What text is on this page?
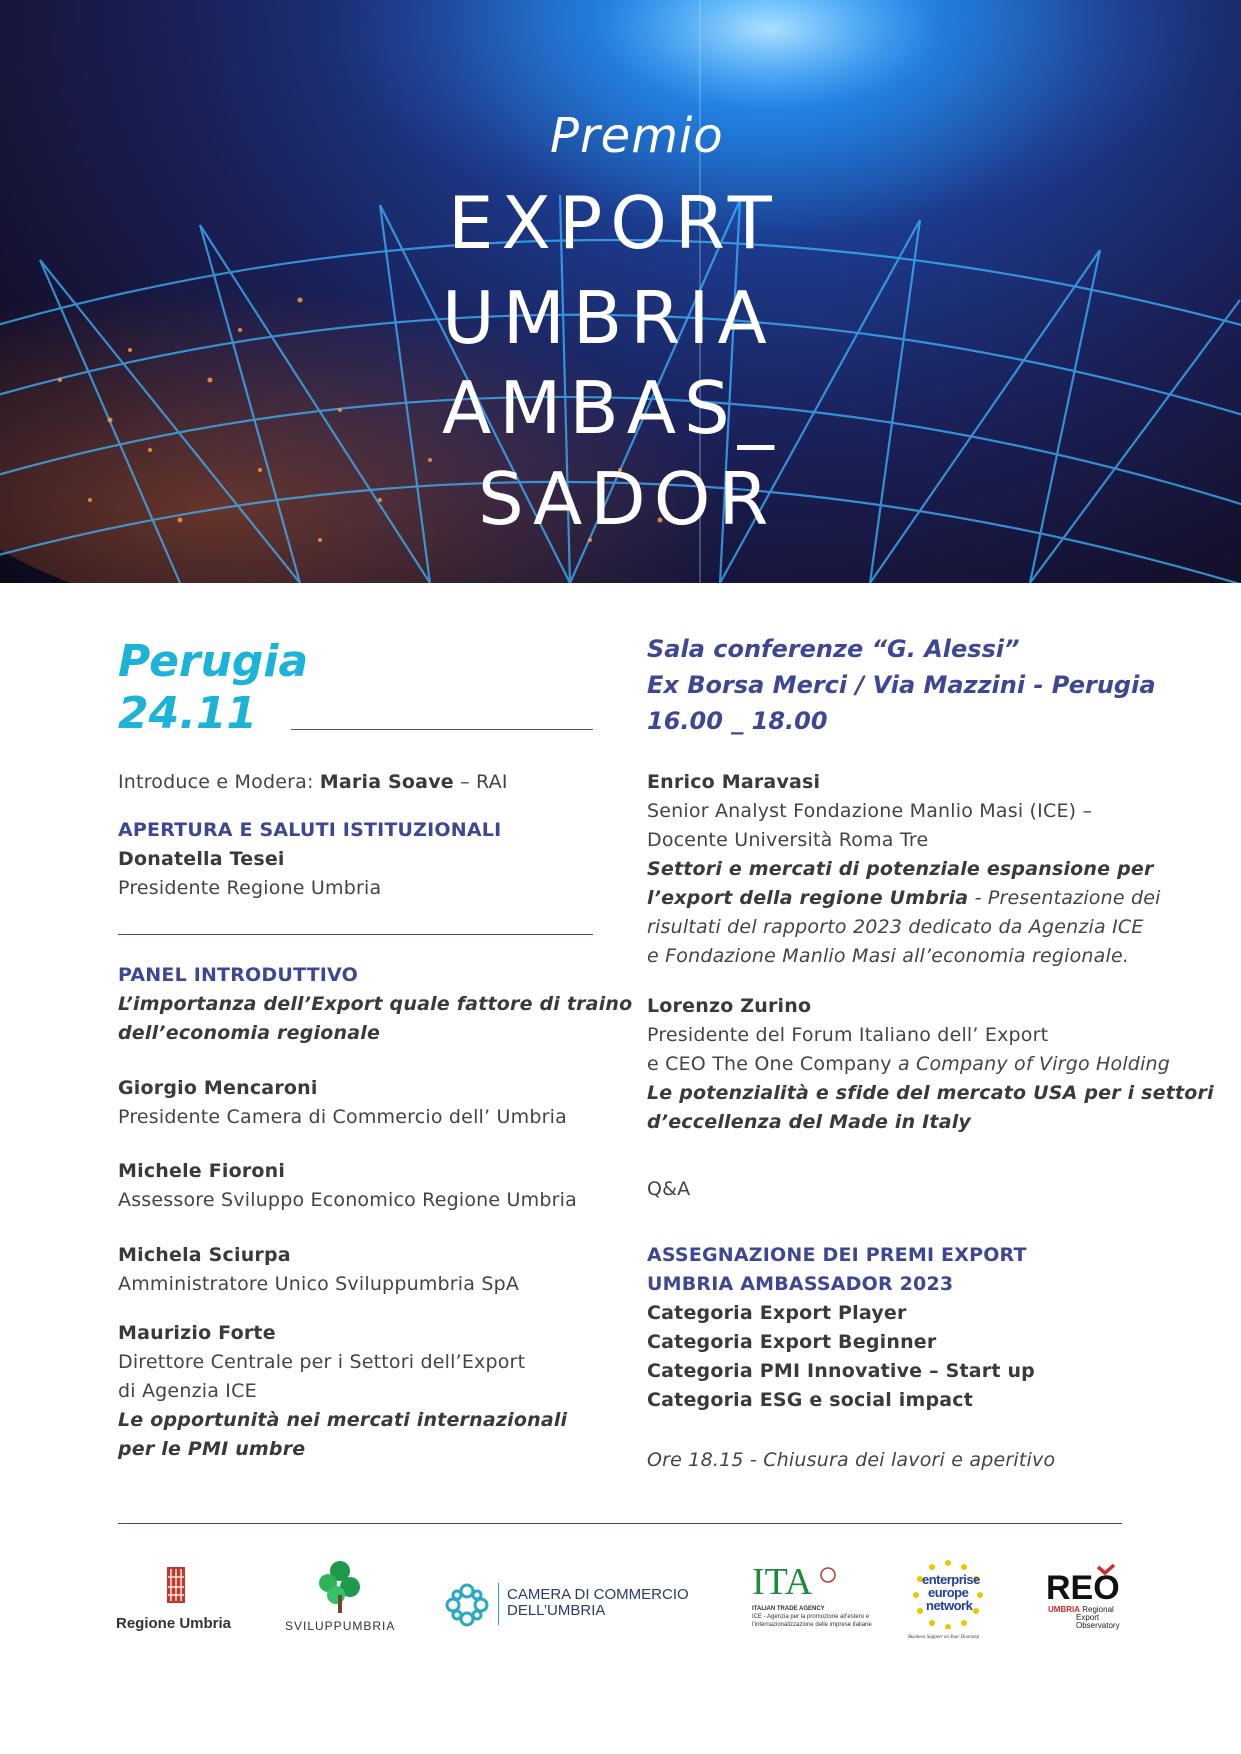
Premio
EXPORT
UMBRIA
AMBAS_
SADOR
Perugia
24.11
Sala conferenze “G. Alessi”
Ex Borsa Merci / Via Mazzini - Perugia
16.00 _ 18.00
Introduce e Modera: Maria Soave – RAI
APERTURA E SALUTI ISTITUZIONALI
Donatella Tesei
Presidente Regione Umbria
PANEL INTRODUTTIVO
L’importanza dell’Export quale fattore di traino
dell’economia regionale
Giorgio Mencaroni
Presidente Camera di Commercio dell’ Umbria
Michele Fioroni
Assessore Sviluppo Economico Regione Umbria
Michela Sciurpa
Amministratore Unico Sviluppumbria SpA
Maurizio Forte
Direttore Centrale per i Settori dell’Export
di Agenzia ICE
Le opportunità nei mercati internazionali
per le PMI umbre
Enrico Maravasi
Senior Analyst Fondazione Manlio Masi (ICE) –
Docente Università Roma Tre
Settori e mercati di potenziale espansione per
l’export della regione Umbria - Presentazione dei
risultati del rapporto 2023 dedicato da Agenzia ICE
e Fondazione Manlio Masi all’economia regionale.
Lorenzo Zurino
Presidente del Forum Italiano dell’ Export
e CEO The One Company a Company of Virgo Holding
Le potenzialità e sfide del mercato USA per i settori
d’eccellenza del Made in Italy
Q&A
ASSEGNAZIONE DEI PREMI EXPORT
UMBRIA AMBASSADOR 2023
Categoria Export Player
Categoria Export Beginner
Categoria PMI Innovative – Start up
Categoria ESG e social impact
Ore 18.15 - Chiusura dei lavori e aperitivo
Regione Umbria	SVILUPPUMBRIA
CAMERA DI COMMERCIO
DELL’UMBRIA
ITA
ITALIAN TRADE AGENCY
ICE - Agenzia per la promozione all’estero e
l’internazionalizzazione delle imprese italiane
enterprise
europe
network
Business Support on Your Doorstep
REO
UMBRIA Regional
Export
Observatory
